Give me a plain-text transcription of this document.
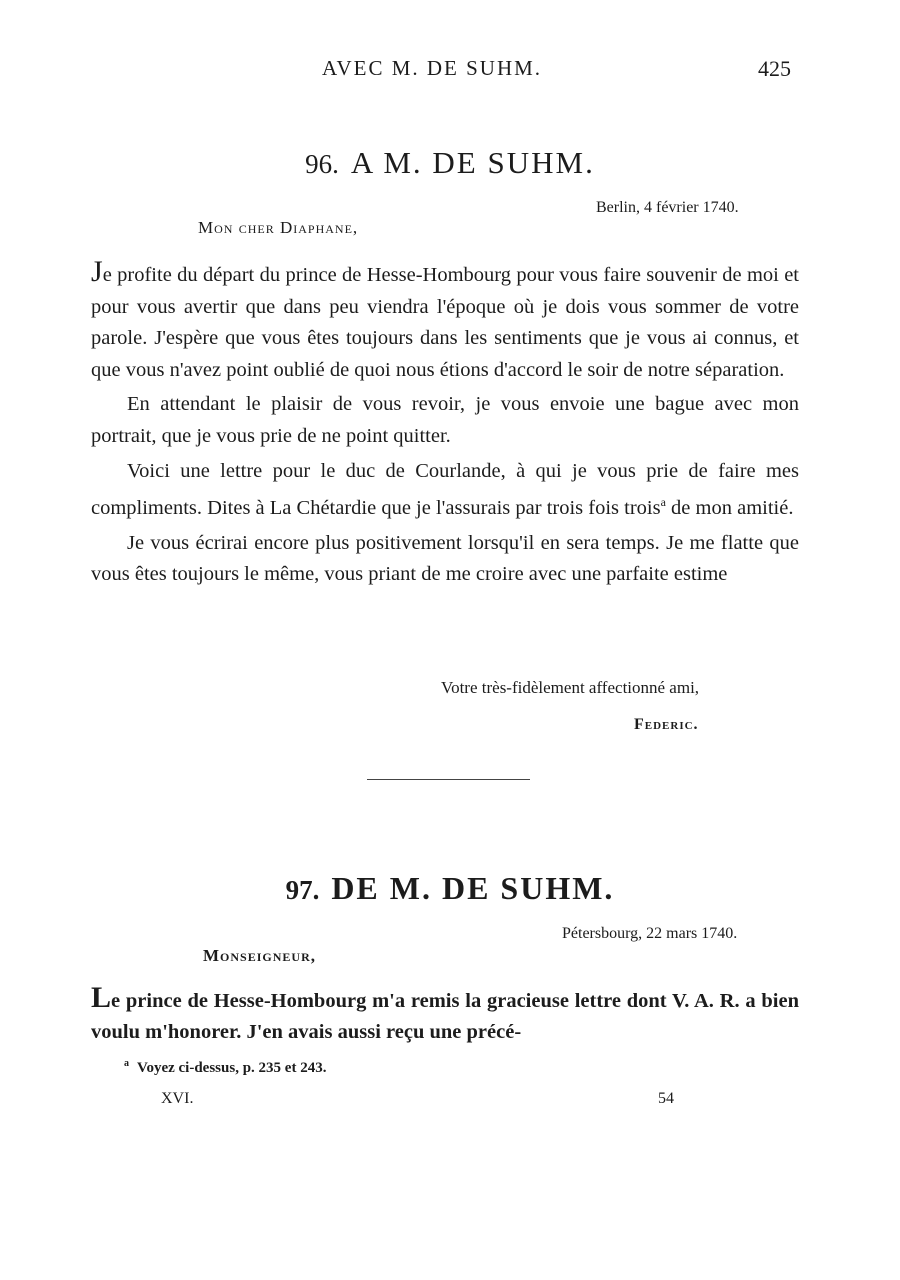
AVEC M. DE SUHM.	425
96. A M. DE SUHM.
Berlin, 4 février 1740.
Mon cher Diaphane,

Je profite du départ du prince de Hesse-Hombourg pour vous faire souvenir de moi et pour vous avertir que dans peu viendra l'époque où je dois vous sommer de votre parole. J'espère que vous êtes toujours dans les sentiments que je vous ai connus, et que vous n'avez point oublié de quoi nous étions d'accord le soir de notre séparation.

En attendant le plaisir de vous revoir, je vous envoie une bague avec mon portrait, que je vous prie de ne point quitter.

Voici une lettre pour le duc de Courlande, à qui je vous prie de faire mes compliments. Dites à La Chétardie que je l'assurais par trois fois trois$^a$ de mon amitié.

Je vous écrirai encore plus positivement lorsqu'il en sera temps. Je me flatte que vous êtes toujours le même, vous priant de me croire avec une parfaite estime

Votre très-fidèlement affectionné ami,
Federic.
97. DE M. DE SUHM.
Pétersbourg, 22 mars 1740.
Monseigneur,

Le prince de Hesse-Hombourg m'a remis la gracieuse lettre dont V. A. R. a bien voulu m'honorer. J'en avais aussi reçu une précé-

$^a$ Voyez ci-dessus, p. 235 et 243.
XVI.	54
